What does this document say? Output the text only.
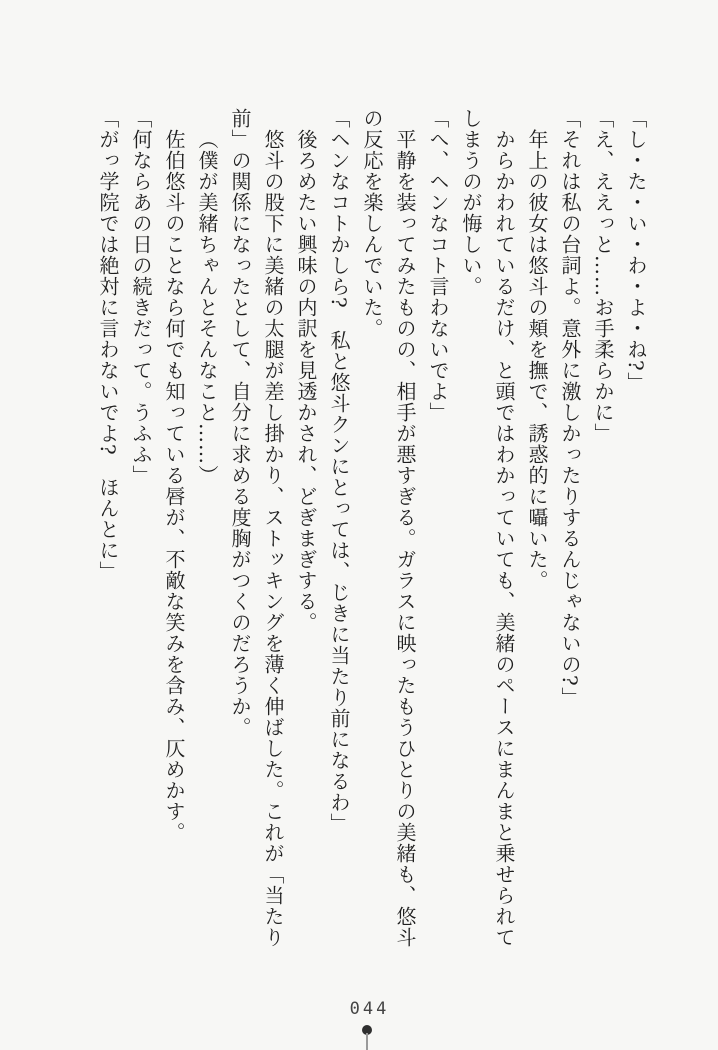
「し・た・い・わ・よ・ね?」

「え、ええっと……お手柔らかに」

「それは私の台詞よ。意外に激しかったりするんじゃないの?」

年上の彼女は悠斗の頬を撫で、誘惑的に囁いた。

からかわれているだけ、と頭ではわかっていても、美緒のペースにまんまと乗せられてしまうのが悔しい。

「へ、ヘンなコト言わないでよ」

平静を装ってみたものの、相手が悪すぎる。ガラスに映ったもうひとりの美緒も、悠斗の反応を楽しんでいた。

「ヘンなコトかしら?　私と悠斗クンにとっては、じきに当たり前になるわ」

後ろめたい興味の内訳を見透かされ、どぎまぎする。

悠斗の股下に美緒の太腿が差し掛かり、ストッキングを薄く伸ばした。これが「当たり前」の関係になったとして、自分に求める度胸がつくのだろうか。

（僕が美緒ちゃんとそんなこと……）

佐伯悠斗のことなら何でも知っている唇が、不敵な笑みを含み、仄めかす。

「何ならあの日の続きだって。うふふ」

「がっ学院では絶対に言わないでよ?　ほんとに」

044
